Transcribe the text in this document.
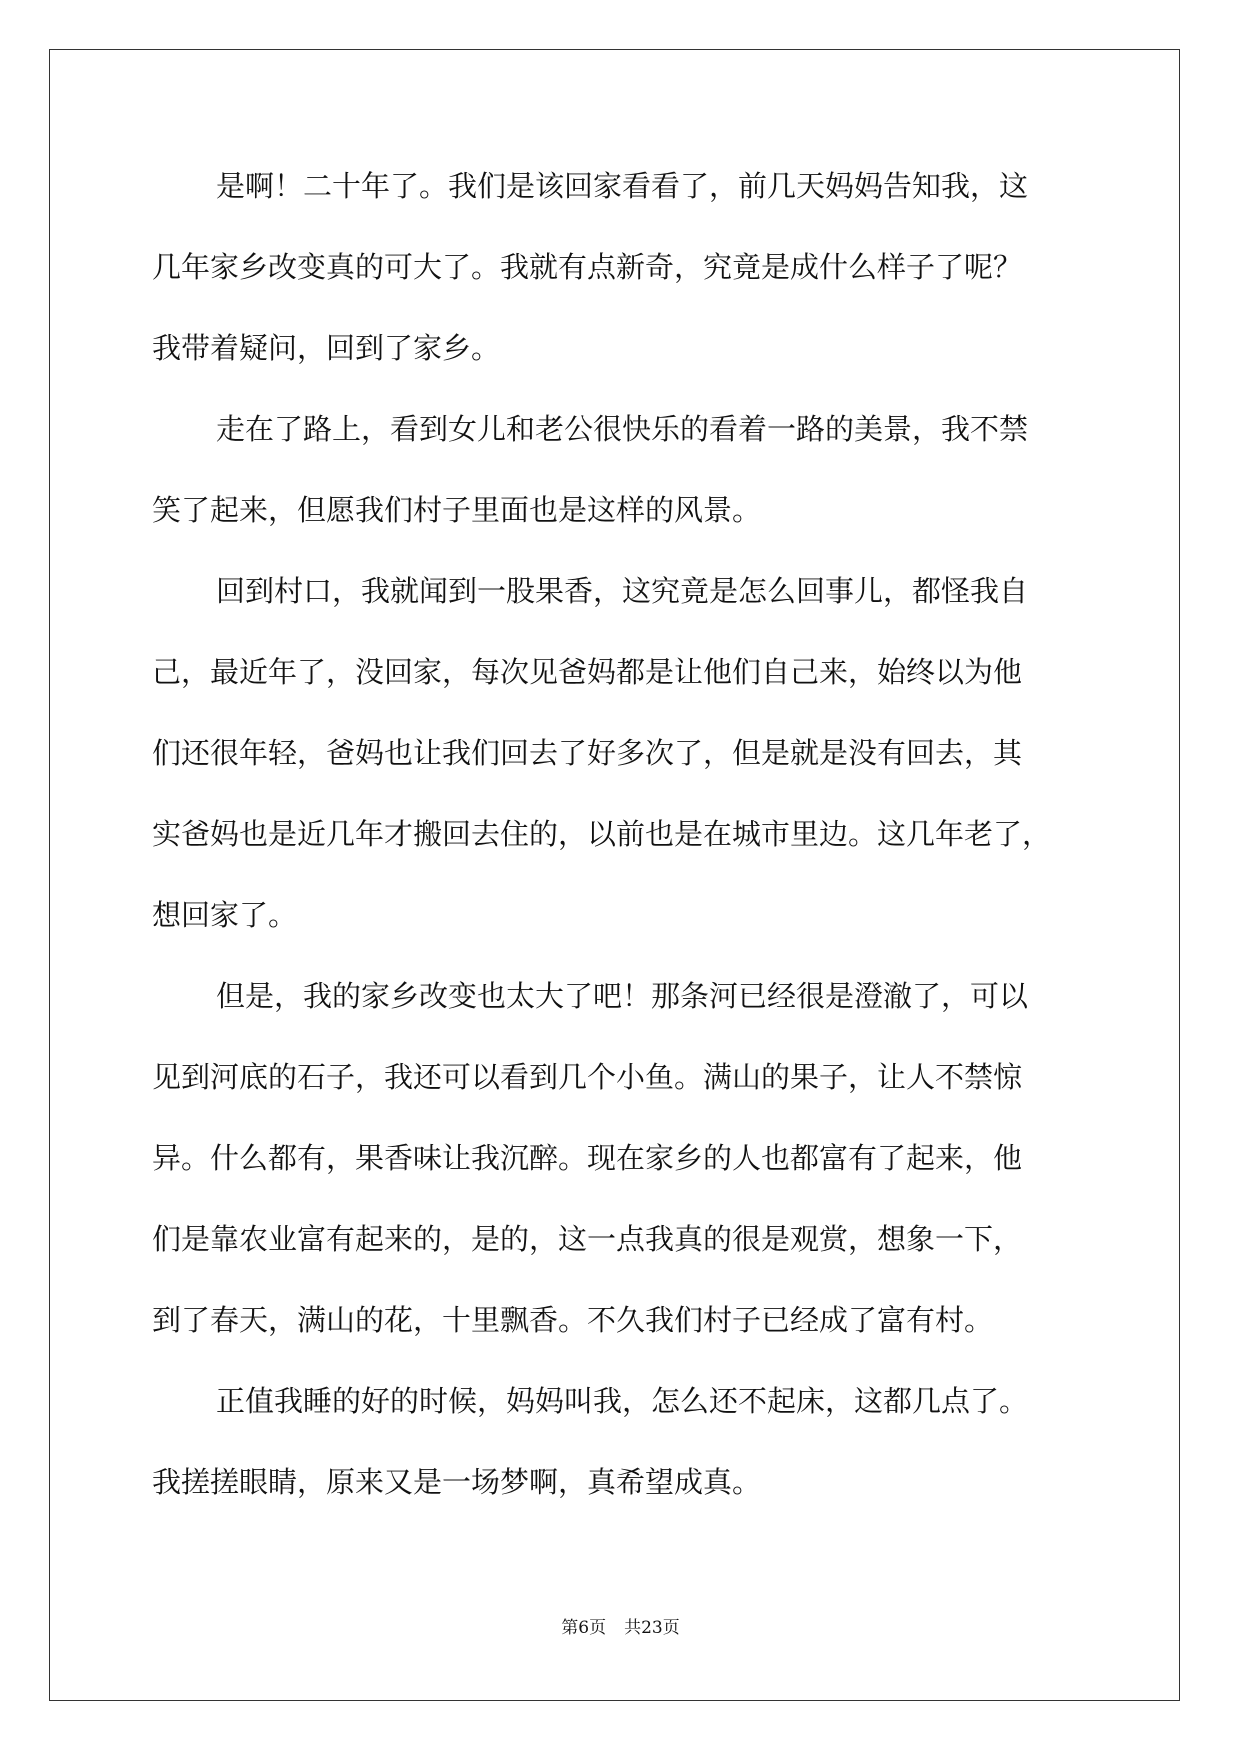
是啊！二十年了。我们是该回家看看了，前几天妈妈告知我，这
几年家乡改变真的可大了。我就有点新奇，究竟是成什么样子了呢？
我带着疑问，回到了家乡。
走在了路上，看到女儿和老公很快乐的看着一路的美景，我不禁
笑了起来，但愿我们村子里面也是这样的风景。
回到村口，我就闻到一股果香，这究竟是怎么回事儿，都怪我自
己，最近年了，没回家，每次见爸妈都是让他们自己来，始终以为他
们还很年轻，爸妈也让我们回去了好多次了，但是就是没有回去，其
实爸妈也是近几年才搬回去住的，以前也是在城市里边。这几年老了，
想回家了。
但是，我的家乡改变也太大了吧！那条河已经很是澄澈了，可以
见到河底的石子，我还可以看到几个小鱼。满山的果子，让人不禁惊
异。什么都有，果香味让我沉醉。现在家乡的人也都富有了起来，他
们是靠农业富有起来的，是的，这一点我真的很是观赏，想象一下，
到了春天，满山的花，十里飘香。不久我们村子已经成了富有村。
正值我睡的好的时候，妈妈叫我，怎么还不起床，这都几点了。
我搓搓眼睛，原来又是一场梦啊，真希望成真。
第6页 共23页
